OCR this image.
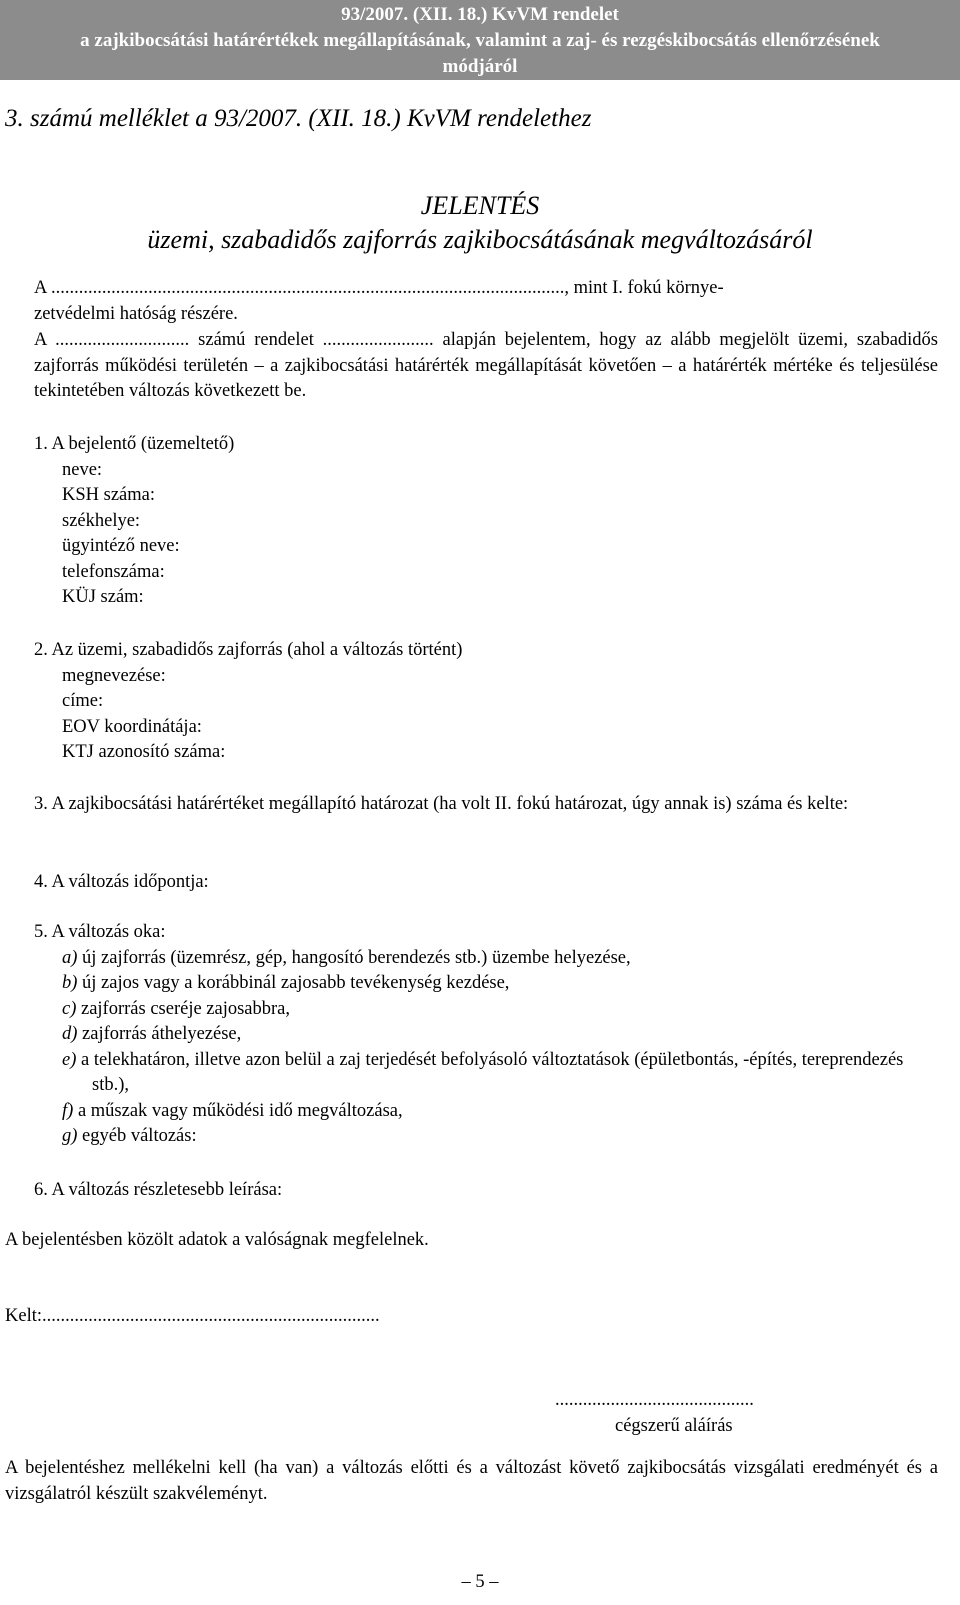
93/2007. (XII. 18.) KvVM rendelet
a zajkibocsátási határértékek megállapításának, valamint a zaj- és rezgéskibocsátás ellenőrzésének
módjáról
3. számú melléklet a 93/2007. (XII. 18.) KvVM rendelethez
JELENTÉS
üzemi, szabadidős zajforrás zajkibocsátásának megváltozásáról
A ..............................................................................................................., mint I. fokú környe-
zetvédelmi hatóság részére.
A ............................. számú rendelet ........................ alapján bejelentem, hogy az alább megjelölt üzemi, szabadidős zajforrás működési területén – a zajkibocsátási határérték megállapítását követően – a határérték mértéke és teljesülése tekintetében változás következett be.
1. A bejelentő (üzemeltető)
neve:
KSH száma:
székhelye:
ügyintéző neve:
telefonszáma:
KÜJ szám:
2. Az üzemi, szabadidős zajforrás (ahol a változás történt)
megnevezése:
címe:
EOV koordinátája:
KTJ azonosító száma:
3. A zajkibocsátási határértéket megállapító határozat (ha volt II. fokú határozat, úgy annak is) száma és kelte:
4. A változás időpontja:
5. A változás oka:
a) új zajforrás (üzemrész, gép, hangosító berendezés stb.) üzembe helyezése,
b) új zajos vagy a korábbinál zajosabb tevékenység kezdése,
c) zajforrás cseréje zajosabbra,
d) zajforrás áthelyezése,
e) a telekhatáron, illetve azon belül a zaj terjedését befolyásoló változtatások (épületbontás, -építés, tereprendezés stb.),
f) a műszak vagy működési idő megváltozása,
g) egyéb változás:
6. A változás részletesebb leírása:
A bejelentésben közölt adatok a valóságnak megfelelnek.
Kelt:.........................................................................
...........................................
cégszerű aláírás
A bejelentéshez mellékelni kell (ha van) a változás előtti és a változást követő zajkibocsátás vizsgálati eredményét és a vizsgálatról készült szakvéleményt.
– 5 –
